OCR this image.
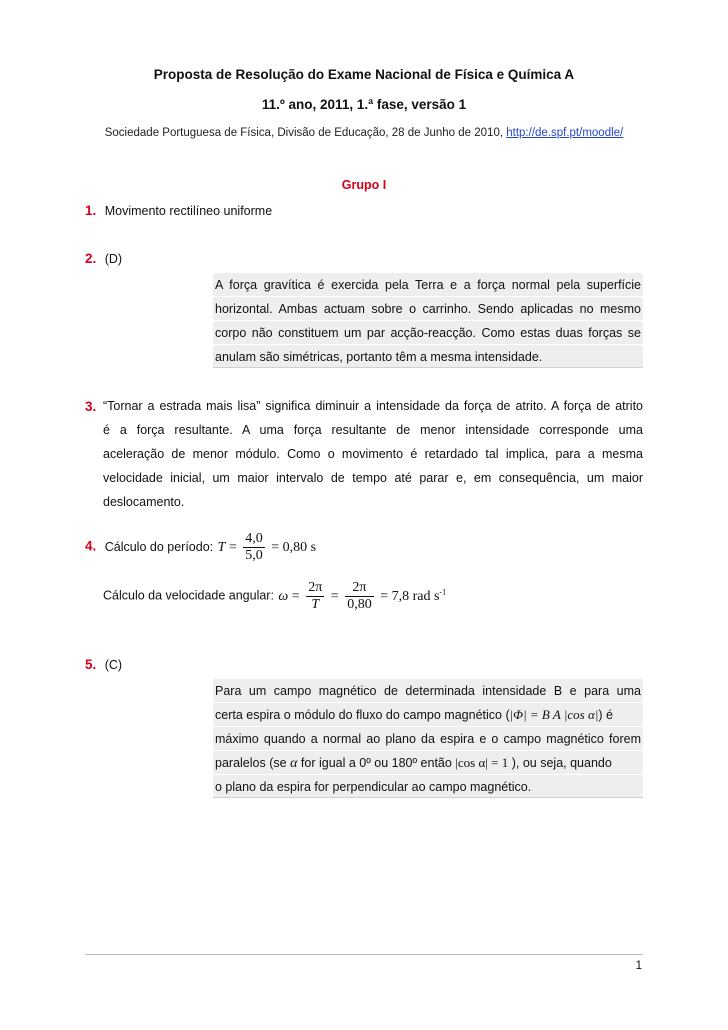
Proposta de Resolução do Exame Nacional de Física e Química A
11.º ano, 2011, 1.ª fase, versão 1
Sociedade Portuguesa de Física, Divisão de Educação, 28 de Junho de 2010, http://de.spf.pt/moodle/
Grupo I
1. Movimento rectilíneo uniforme
2. (D)
A força gravítica é exercida pela Terra e a força normal pela superfície
horizontal. Ambas actuam sobre o carrinho. Sendo aplicadas no mesmo
corpo não constituem um par acção-reacção. Como estas duas forças se
anulam são simétricas, portanto têm a mesma intensidade.
3. “Tornar a estrada mais lisa” significa diminuir a intensidade da força de atrito. A força de atrito
é a força resultante. A uma força resultante de menor intensidade corresponde uma
aceleração de menor módulo. Como o movimento é retardado tal implica, para a mesma
velocidade inicial, um maior intervalo de tempo até parar e, em consequência, um maior
deslocamento.
4. Cálculo do período: $T = \frac{4,0}{5,0} = 0,80$ s
Cálculo da velocidade angular: $\omega = \frac{2\pi}{T} = \frac{2\pi}{0,80} = 7,8$ rad $s^{-1}$
5. (C)
Para um campo magnético de determinada intensidade B e para uma
certa espira o módulo do fluxo do campo magnético (|Φ| = B A |cos α|) é
máximo quando a normal ao plano da espira e o campo magnético forem
paralelos (se α for igual a 0º ou 180º então |cos α| = 1 ), ou seja, quando
o plano da espira for perpendicular ao campo magnético.
1
